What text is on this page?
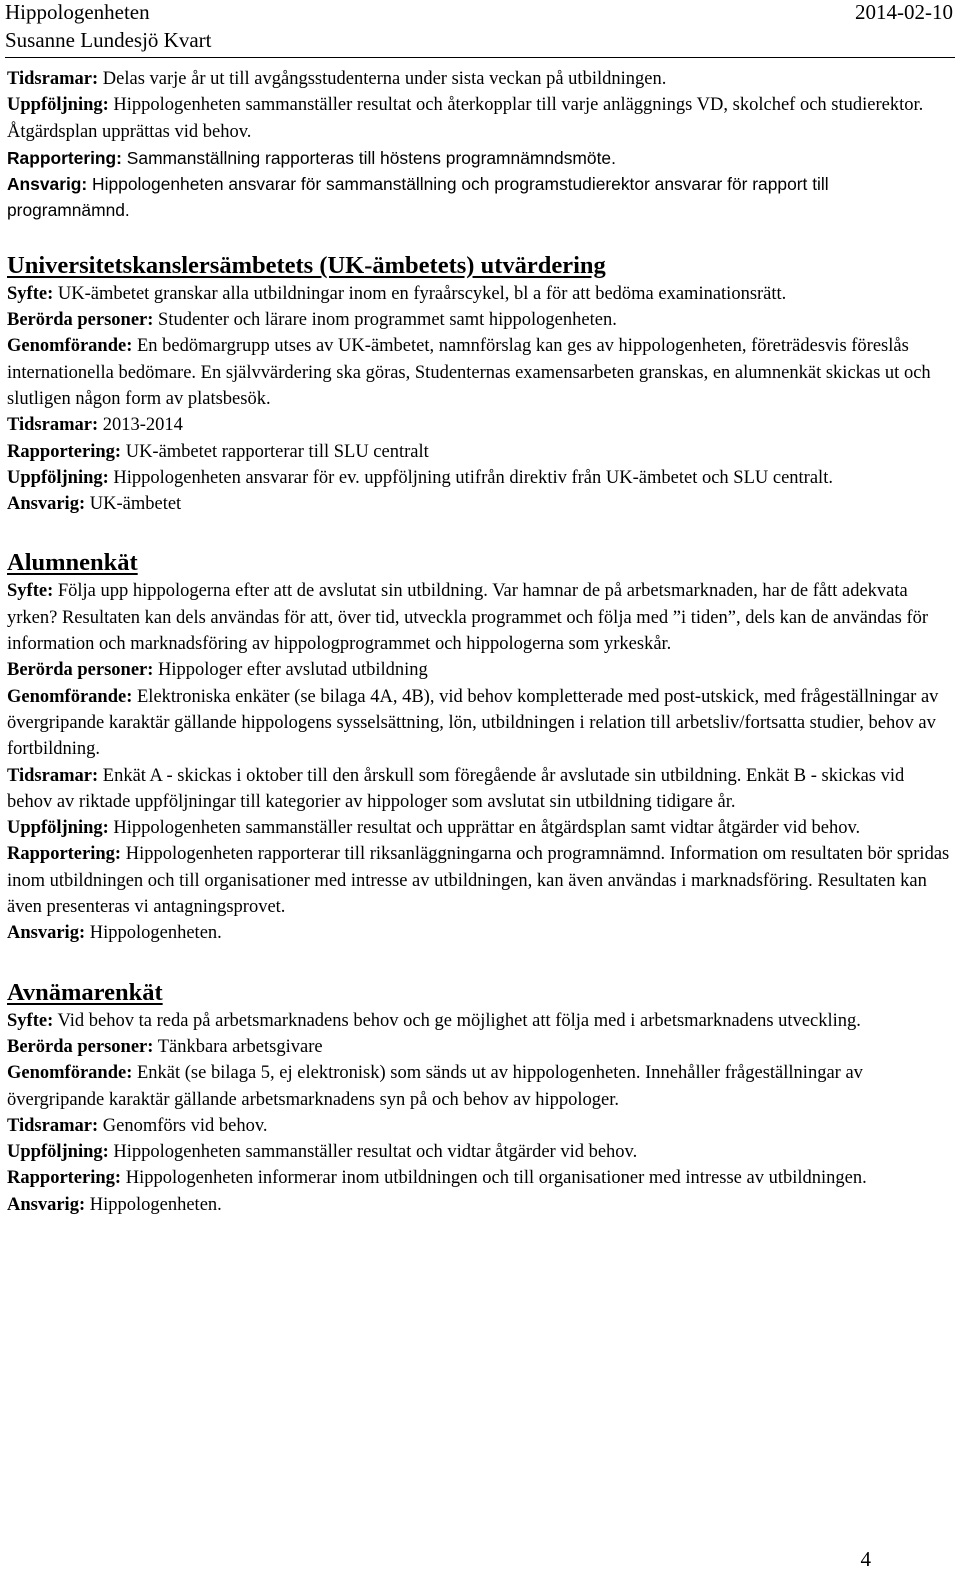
Hippologenheten
Susanne Lundesjö Kvart
2014-02-10

Tidsramar: Delas varje år ut till avgångsstudenterna under sista veckan på utbildningen.

Uppföljning: Hippologenheten sammanställer resultat och återkopplar till varje anläggnings VD, skolchef och studierektor. Åtgärdsplan upprättas vid behov.

Rapportering: Sammanställning rapporteras till höstens programnämndsmöte.

Ansvarig: Hippologenheten ansvarar för sammanställning och programstudierektor ansvarar för rapport till programnämnd.

Universitetskanslersämbetets (UK-ämbetets) utvärdering

Syfte: UK-ämbetet granskar alla utbildningar inom en fyraårscykel, bl a för att bedöma examinationsrätt.

Berörda personer: Studenter och lärare inom programmet samt hippologenheten.

Genomförande: En bedömargrupp utses av UK-ämbetet, namnförslag kan ges av hippologenheten, företrädesvis föreslås internationella bedömare. En självvärdering ska göras, Studenternas examensarbeten granskas, en alumnenkät skickas ut och slutligen någon form av platsbesök.

Tidsramar: 2013-2014

Rapportering: UK-ämbetet rapporterar till SLU centralt

Uppföljning: Hippologenheten ansvarar för ev. uppföljning utifrån direktiv från UK-ämbetet och SLU centralt.

Ansvarig: UK-ämbetet

Alumnenkät

Syfte: Följa upp hippologerna efter att de avslutat sin utbildning. Var hamnar de på arbetsmarknaden, har de fått adekvata yrken? Resultaten kan dels användas för att, över tid, utveckla programmet och följa med ”i tiden”, dels kan de användas för information och marknadsföring av hippologprogrammet och hippologerna som yrkeskår.

Berörda personer: Hippologer efter avslutad utbildning

Genomförande: Elektroniska enkäter (se bilaga 4A, 4B), vid behov kompletterade med post-utskick, med frågeställningar av övergripande karaktär gällande hippologens sysselsättning, lön, utbildningen i relation till arbetsliv/fortsatta studier, behov av fortbildning.

Tidsramar: Enkät A - skickas i oktober till den årskull som föregående år avslutade sin utbildning. Enkät B - skickas vid behov av riktade uppföljningar till kategorier av hippologer som avslutat sin utbildning tidigare år.

Uppföljning: Hippologenheten sammanställer resultat och upprättar en åtgärdsplan samt vidtar åtgärder vid behov.

Rapportering: Hippologenheten rapporterar till riksanläggningarna och programnämnd. Information om resultaten bör spridas inom utbildningen och till organisationer med intresse av utbildningen, kan även användas i marknadsföring. Resultaten kan även presenteras vi antagningsprovet.

Ansvarig: Hippologenheten.

Avnämarenkät

Syfte: Vid behov ta reda på arbetsmarknadens behov och ge möjlighet att följa med i arbetsmarknadens utveckling.

Berörda personer: Tänkbara arbetsgivare

Genomförande: Enkät (se bilaga 5, ej elektronisk) som sänds ut av hippologenheten. Innehåller frågeställningar av övergripande karaktär gällande arbetsmarknadens syn på och behov av hippologer.

Tidsramar: Genomförs vid behov.

Uppföljning: Hippologenheten sammanställer resultat och vidtar åtgärder vid behov.

Rapportering: Hippologenheten informerar inom utbildningen och till organisationer med intresse av utbildningen.

Ansvarig: Hippologenheten.

4
